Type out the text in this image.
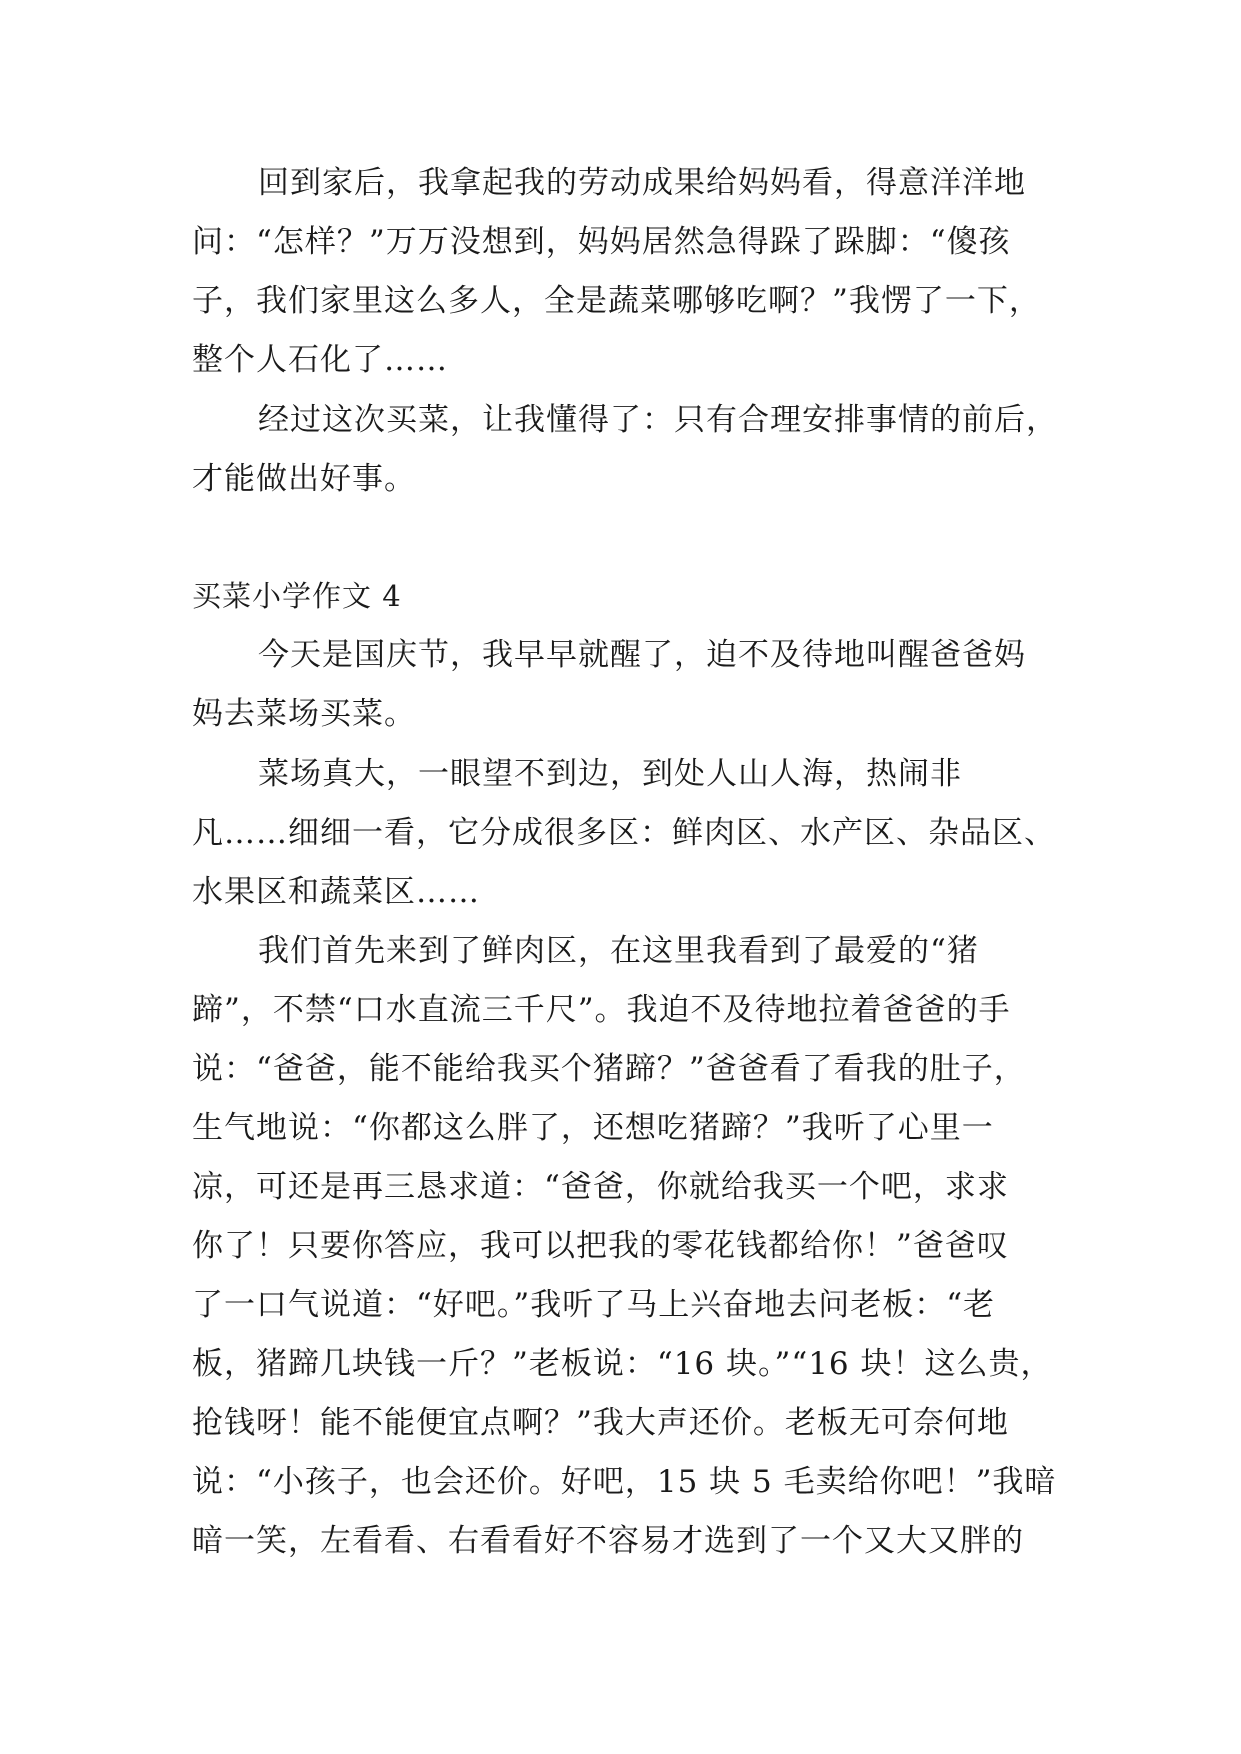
回到家后，我拿起我的劳动成果给妈妈看，得意洋洋地
问：“怎样？”万万没想到，妈妈居然急得跺了跺脚：“傻孩
子，我们家里这么多人，全是蔬菜哪够吃啊？”我愣了一下，
整个人石化了……
经过这次买菜，让我懂得了：只有合理安排事情的前后，
才能做出好事。
买菜小学作文 4
今天是国庆节，我早早就醒了，迫不及待地叫醒爸爸妈
妈去菜场买菜。
菜场真大，一眼望不到边，到处人山人海，热闹非
凡……细细一看，它分成很多区：鲜肉区、水产区、杂品区、
水果区和蔬菜区……
我们首先来到了鲜肉区，在这里我看到了最爱的“猪
蹄”，不禁“口水直流三千尺”。我迫不及待地拉着爸爸的手
说：“爸爸，能不能给我买个猪蹄？”爸爸看了看我的肚子，
生气地说：“你都这么胖了，还想吃猪蹄？”我听了心里一
凉，可还是再三恳求道：“爸爸，你就给我买一个吧，求求
你了！只要你答应，我可以把我的零花钱都给你！”爸爸叹
了一口气说道：“好吧。”我听了马上兴奋地去问老板：“老
板，猪蹄几块钱一斤？”老板说：“16 块。”“16 块！这么贵，
抢钱呀！能不能便宜点啊？”我大声还价。老板无可奈何地
说：“小孩子，也会还价。好吧，15 块 5 毛卖给你吧！”我暗
暗一笑，左看看、右看看好不容易才选到了一个又大又胖的
